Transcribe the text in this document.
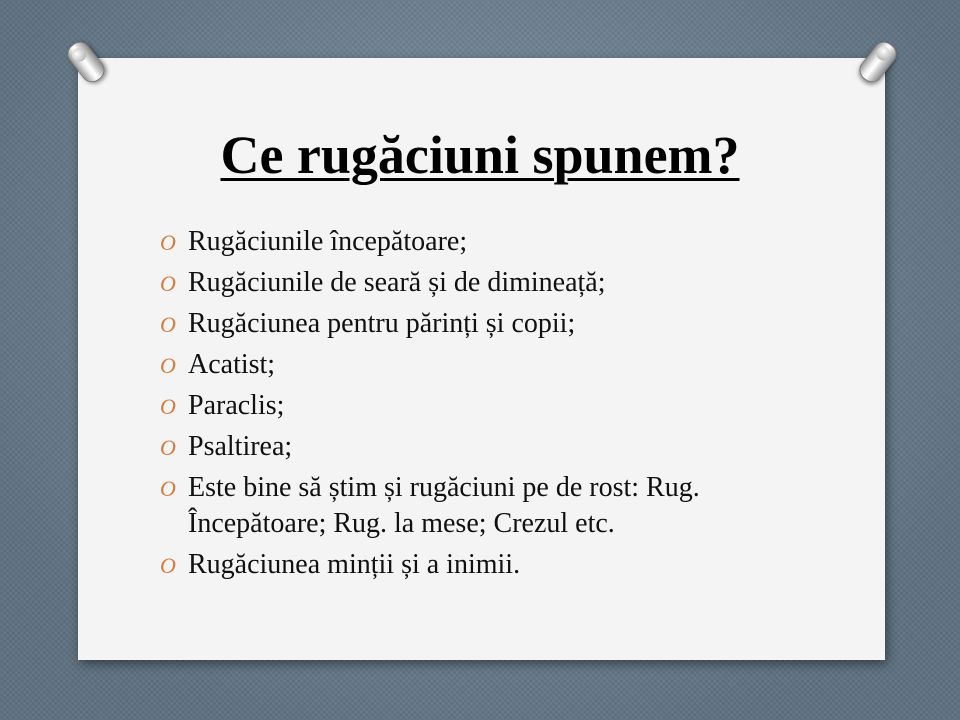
Ce rugăciuni spunem?
O Rugăciunile începătoare;
O Rugăciunile de seară și de dimineață;
O Rugăciunea pentru părinți și copii;
O Acatist;
O Paraclis;
O Psaltirea;
O Este bine să știm și rugăciuni pe de rost: Rug. Începătoare; Rug. la mese; Crezul etc.
O Rugăciunea minții și a inimii.
